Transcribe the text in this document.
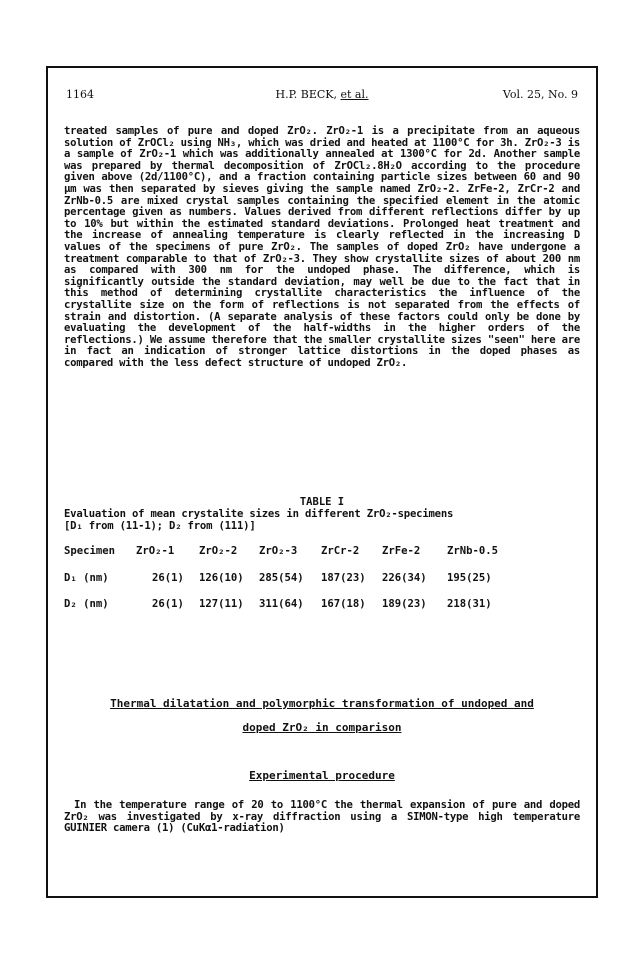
1164	H.P. BECK, et al.	Vol. 25, No. 9

treated samples of pure and doped ZrO₂. ZrO₂-1 is a precipitate from an aqueous solution of ZrOCl₂ using NH₃, which was dried and heated at 1100°C for 3h. ZrO₂-3 is a sample of ZrO₂-1 which was additionally annealed at 1300°C for 2d. Another sample was prepared by thermal decomposition of ZrOCl₂.8H₂O according to the procedure given above (2d/1100°C), and a fraction containing particle sizes between 60 and 90 μm was then separated by sieves giving the sample named ZrO₂-2. ZrFe-2, ZrCr-2 and ZrNb-0.5 are mixed crystal samples containing the specified element in the atomic percentage given as numbers. Values derived from different reflections differ by up to 10% but within the estimated standard deviations. Prolonged heat treatment and the increase of annealing temperature is clearly reflected in the increasing D values of the specimens of pure ZrO₂. The samples of doped ZrO₂ have undergone a treatment comparable to that of ZrO₂-3. They show crystallite sizes of about 200 nm as compared with 300 nm for the undoped phase. The difference, which is significantly outside the standard deviation, may well be due to the fact that in this method of determining crystallite characteristics the influence of the crystallite size on the form of reflections is not separated from the effects of strain and distortion. (A separate analysis of these factors could only be done by evaluating the development of the half-widths in the higher orders of the reflections.) We assume therefore that the smaller crystallite sizes "seen" here are in fact an indication of stronger lattice distortions in the doped phases as compared with the less defect structure of undoped ZrO₂.

TABLE I
Evaluation of mean crystalite sizes in different ZrO₂-specimens
[D₁ from (11-1); D₂ from (111)]
Specimen ZrO₂-1 ZrO₂-2 ZrO₂-3 ZrCr-2 ZrFe-2	ZrNb-0.5
D₁ (nm)	26(1) 126(10) 285(54) 187(23) 226(34) 195(25)
D₂ (nm)	26(1) 127(11) 311(64) 167(18) 189(23) 218(31)
Thermal dilatation and polymorphic transformation of undoped and
doped ZrO₂ in comparison
Experimental procedure

In the temperature range of 20 to 1100°C the thermal expansion of pure and doped ZrO₂ was investigated by x-ray diffraction using a SIMON-type high temperature GUINIER camera (1) (CuKα1-radiation)
